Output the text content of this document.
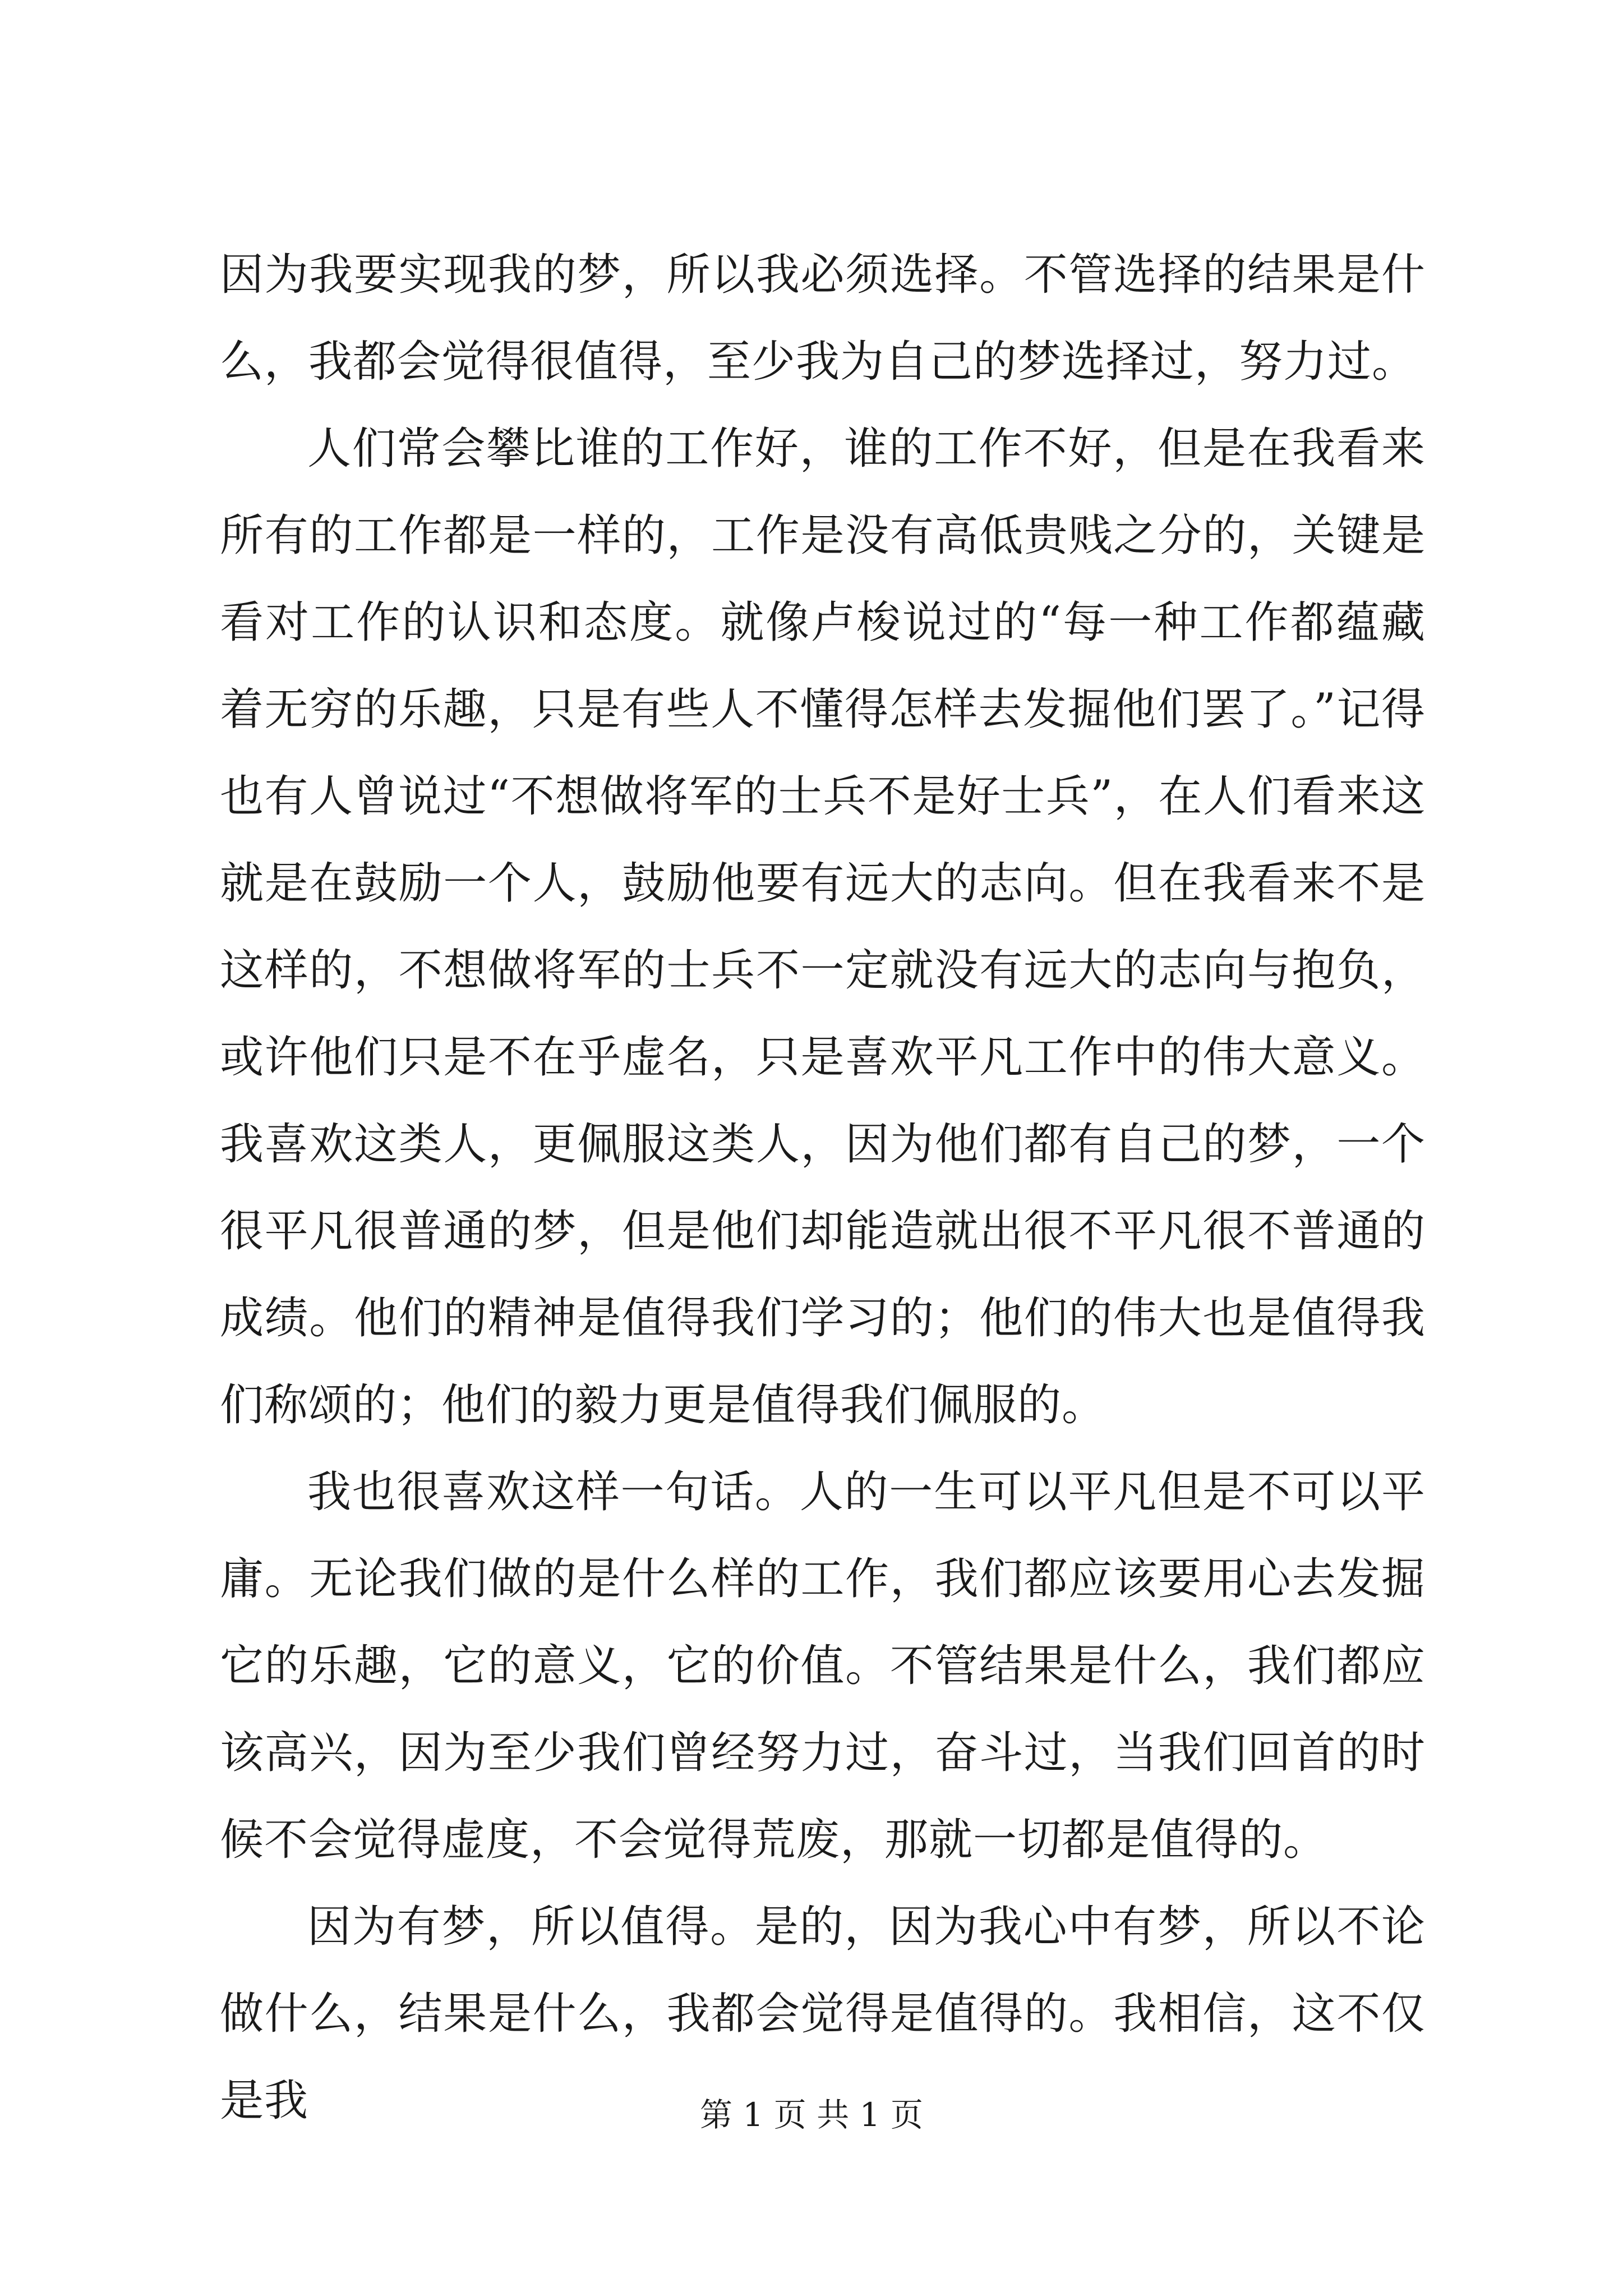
因为我要实现我的梦，所以我必须选择。不管选择的结果是什么，我都会觉得很值得，至少我为自己的梦选择过，努力过。

人们常会攀比谁的工作好，谁的工作不好，但是在我看来所有的工作都是一样的，工作是没有高低贵贱之分的，关键是看对工作的认识和态度。就像卢梭说过的“每一种工作都蕴藏着无穷的乐趣，只是有些人不懂得怎样去发掘他们罢了。”记得也有人曾说过“不想做将军的士兵不是好士兵”，在人们看来这就是在鼓励一个人，鼓励他要有远大的志向。但在我看来不是这样的，不想做将军的士兵不一定就没有远大的志向与抱负，或许他们只是不在乎虚名，只是喜欢平凡工作中的伟大意义。我喜欢这类人，更佩服这类人，因为他们都有自己的梦，一个很平凡很普通的梦，但是他们却能造就出很不平凡很不普通的成绩。他们的精神是值得我们学习的；他们的伟大也是值得我们称颂的；他们的毅力更是值得我们佩服的。

我也很喜欢这样一句话。人的一生可以平凡但是不可以平庸。无论我们做的是什么样的工作，我们都应该要用心去发掘它的乐趣，它的意义，它的价值。不管结果是什么，我们都应该高兴，因为至少我们曾经努力过，奋斗过，当我们回首的时候不会觉得虚度，不会觉得荒废，那就一切都是值得的。

因为有梦，所以值得。是的，因为我心中有梦，所以不论做什么，结果是什么，我都会觉得是值得的。我相信，这不仅是我	第 1 页 共 1 页
